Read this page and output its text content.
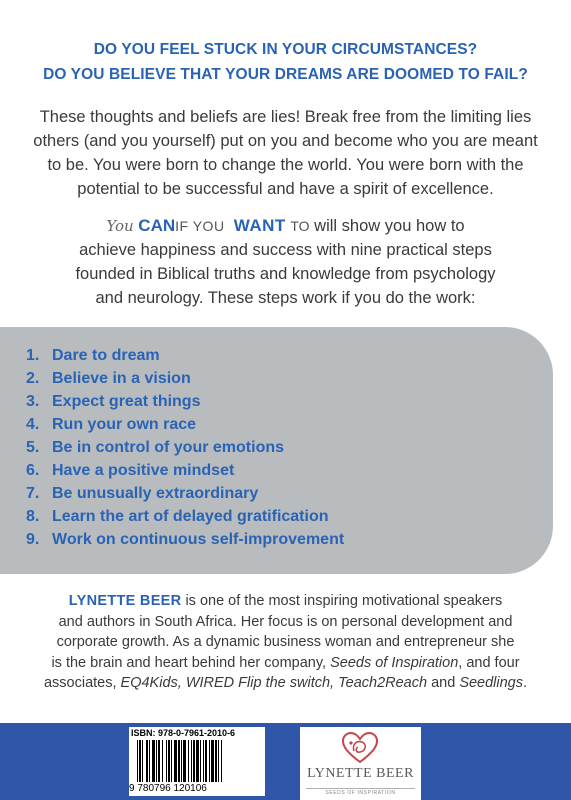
DO YOU FEEL STUCK IN YOUR CIRCUMSTANCES?
DO YOU BELIEVE THAT YOUR DREAMS ARE DOOMED TO FAIL?
These thoughts and beliefs are lies! Break free from the limiting lies
others (and you yourself) put on you and become who you are meant
to be. You were born to change the world. You were born with the
potential to be successful and have a spirit of excellence.
You CANIF YOU WANT TO will show you how to
achieve happiness and success with nine practical steps
founded in Biblical truths and knowledge from psychology
and neurology. These steps work if you do the work:
1. Dare to dream
2. Believe in a vision
3. Expect great things
4. Run your own race
5. Be in control of your emotions
6. Have a positive mindset
7. Be unusually extraordinary
8. Learn the art of delayed gratification
9. Work on continuous self-improvement
LYNETTE BEER is one of the most inspiring motivational speakers
and authors in South Africa. Her focus is on personal development and
corporate growth. As a dynamic business woman and entrepreneur she
is the brain and heart behind her company, Seeds of Inspiration, and four
associates, EQ4Kids, WIRED Flip the switch, Teach2Reach and Seedlings.
ISBN: 978-0-7961-2010-6
9 780796 120106
LYNETTE BEER
SEEDS OF INSPIRATION
